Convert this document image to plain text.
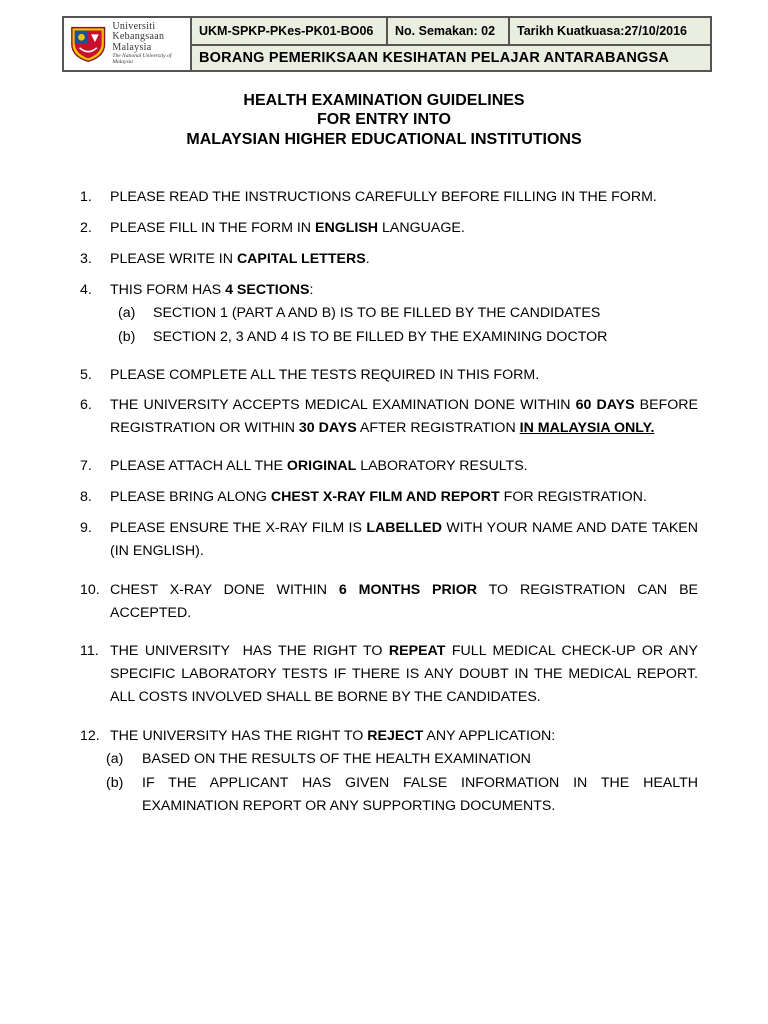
Universiti
Kebangsaan
Malaysia
The National University of Malaysia
UKM-SPKP-PKes-PK01-BO06	No. Semakan: 02	Tarikh Kuatkuasa:27/10/2016
BORANG PEMERIKSAAN KESIHATAN PELAJAR ANTARABANGSA
HEALTH EXAMINATION GUIDELINES
FOR ENTRY INTO
MALAYSIAN HIGHER EDUCATIONAL INSTITUTIONS
1. PLEASE READ THE INSTRUCTIONS CAREFULLY BEFORE FILLING IN THE FORM.
2. PLEASE FILL IN THE FORM IN ENGLISH LANGUAGE.
3. PLEASE WRITE IN CAPITAL LETTERS.
4. THIS FORM HAS 4 SECTIONS:
(a) SECTION 1 (PART A AND B) IS TO BE FILLED BY THE CANDIDATES
(b) SECTION 2, 3 AND 4 IS TO BE FILLED BY THE EXAMINING DOCTOR
5. PLEASE COMPLETE ALL THE TESTS REQUIRED IN THIS FORM.
6. THE UNIVERSITY ACCEPTS MEDICAL EXAMINATION DONE WITHIN 60 DAYS BEFORE REGISTRATION OR WITHIN 30 DAYS AFTER REGISTRATION IN MALAYSIA ONLY.
7. PLEASE ATTACH ALL THE ORIGINAL LABORATORY RESULTS.
8. PLEASE BRING ALONG CHEST X-RAY FILM AND REPORT FOR REGISTRATION.
9. PLEASE ENSURE THE X-RAY FILM IS LABELLED WITH YOUR NAME AND DATE TAKEN (IN ENGLISH).
10. CHEST X-RAY DONE WITHIN 6 MONTHS PRIOR TO REGISTRATION CAN BE ACCEPTED.
11. THE UNIVERSITY  HAS THE RIGHT TO REPEAT FULL MEDICAL CHECK-UP OR ANY SPECIFIC LABORATORY TESTS IF THERE IS ANY DOUBT IN THE MEDICAL REPORT. ALL COSTS INVOLVED SHALL BE BORNE BY THE CANDIDATES.
12. THE UNIVERSITY HAS THE RIGHT TO REJECT ANY APPLICATION:
(a) BASED ON THE RESULTS OF THE HEALTH EXAMINATION
(b) IF THE APPLICANT HAS GIVEN FALSE INFORMATION IN THE HEALTH EXAMINATION REPORT OR ANY SUPPORTING DOCUMENTS.
